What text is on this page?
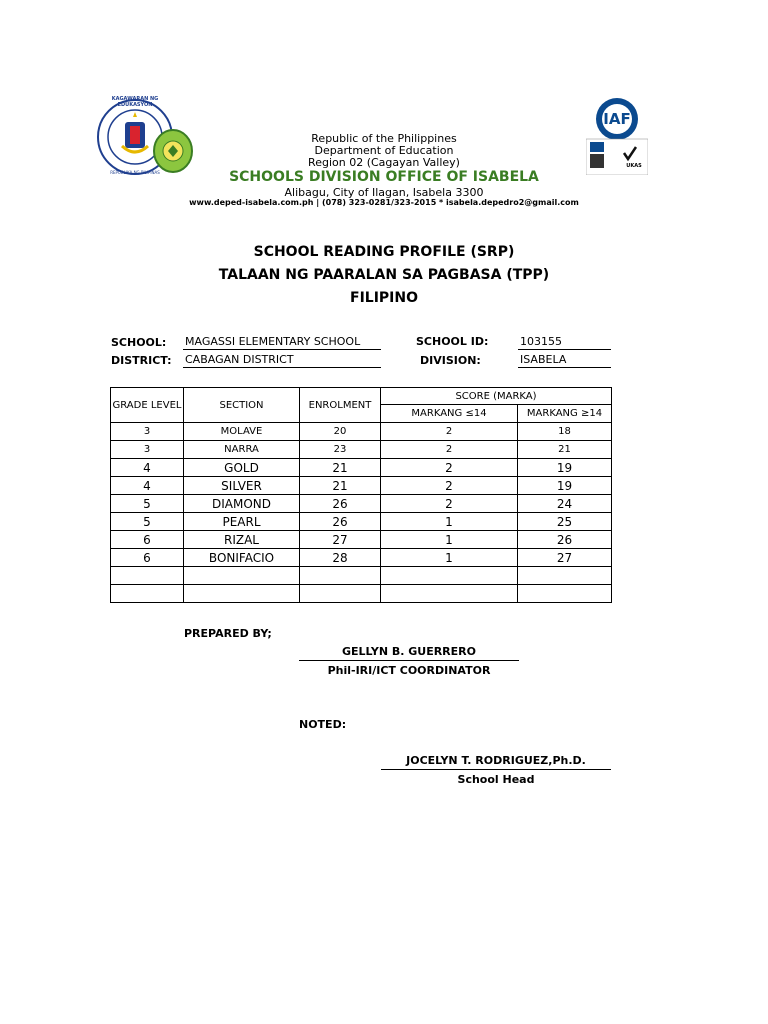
KAGAWARAN NG EDUKASYON
REPUBLIKA NG PILIPINAS
IAF
UKAS
Republic of the Philippines
Department of Education
Region 02 (Cagayan Valley)
SCHOOLS DIVISION OFFICE OF ISABELA
Alibagu, City of Ilagan, Isabela 3300
www.deped-isabela.com.ph | (078) 323-0281/323-2015 * isabela.depedro2@gmail.com
SCHOOL READING PROFILE (SRP)
TALAAN NG PAARALAN SA PAGBASA (TPP)
FILIPINO
SCHOOL: MAGASSI ELEMENTARY SCHOOL
DISTRICT: CABAGAN DISTRICT
SCHOOL ID:	103155
DIVISION:	ISABELA
GRADE LEVEL	SECTION	ENROLMENT	SCORE (MARKA)	
			MARKANG ≤14	MARKANG ≥14
3	MOLAVE	20	2	18
3	NARRA	23	2	21
4	GOLD	21	2	19
4	SILVER	21	2	19
5	DIAMOND	26	2	24
5	PEARL	26	1	25
6	RIZAL	27	1	26
6	BONIFACIO	28	1	27

PREPARED BY;
GELLYN B. GUERRERO
Phil-IRI/ICT COORDINATOR
NOTED:
JOCELYN T. RODRIGUEZ,Ph.D.
School Head
